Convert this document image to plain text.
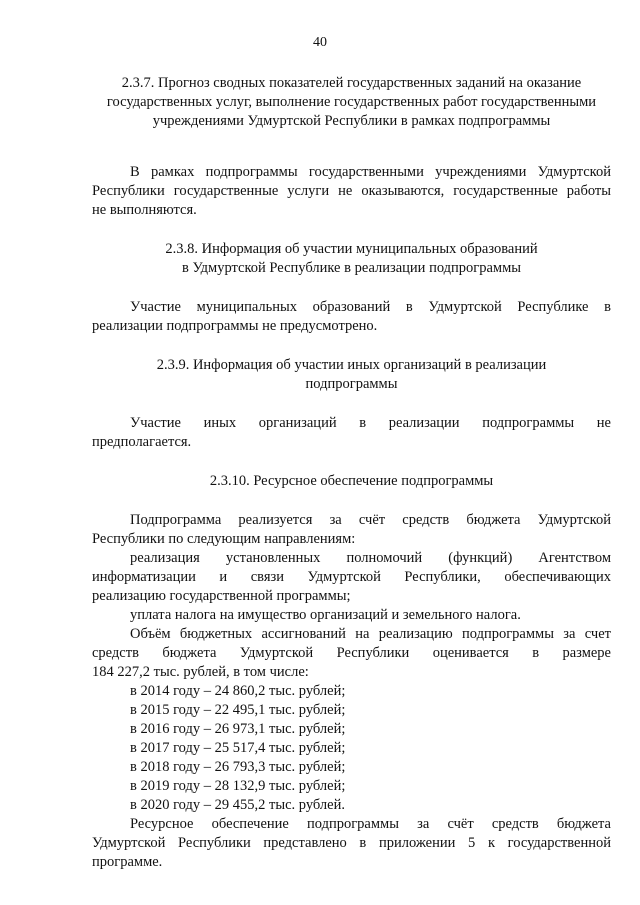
40
2.3.7. Прогноз сводных показателей государственных заданий на оказание
государственных услуг, выполнение государственных работ государственными
учреждениями Удмуртской Республики в рамках подпрограммы
В рамках подпрограммы государственными учреждениями Удмуртской
Республики государственные услуги не оказываются, государственные работы
не выполняются.
2.3.8. Информация об участии муниципальных образований
в Удмуртской Республике в реализации подпрограммы
Участие муниципальных образований в Удмуртской Республике в
реализации подпрограммы не предусмотрено.
2.3.9. Информация об участии иных организаций в реализации
подпрограммы
Участие иных организаций в реализации подпрограммы не
предполагается.
2.3.10. Ресурсное обеспечение подпрограммы
Подпрограмма реализуется за счёт средств бюджета Удмуртской
Республики по следующим направлениям:
реализация установленных полномочий (функций) Агентством
информатизации и связи Удмуртской Республики, обеспечивающих
реализацию государственной программы;
уплата налога на имущество организаций и земельного налога.
Объём бюджетных ассигнований на реализацию подпрограммы за счет
средств бюджета Удмуртской Республики оценивается в размере
184 227,2 тыс. рублей, в том числе:
в 2014 году – 24 860,2 тыс. рублей;
в 2015 году – 22 495,1 тыс. рублей;
в 2016 году – 26 973,1 тыс. рублей;
в 2017 году – 25 517,4 тыс. рублей;
в 2018 году – 26 793,3 тыс. рублей;
в 2019 году – 28 132,9 тыс. рублей;
в 2020 году – 29 455,2 тыс. рублей.
Ресурсное обеспечение подпрограммы за счёт средств бюджета
Удмуртской Республики представлено в приложении 5 к государственной
программе.
